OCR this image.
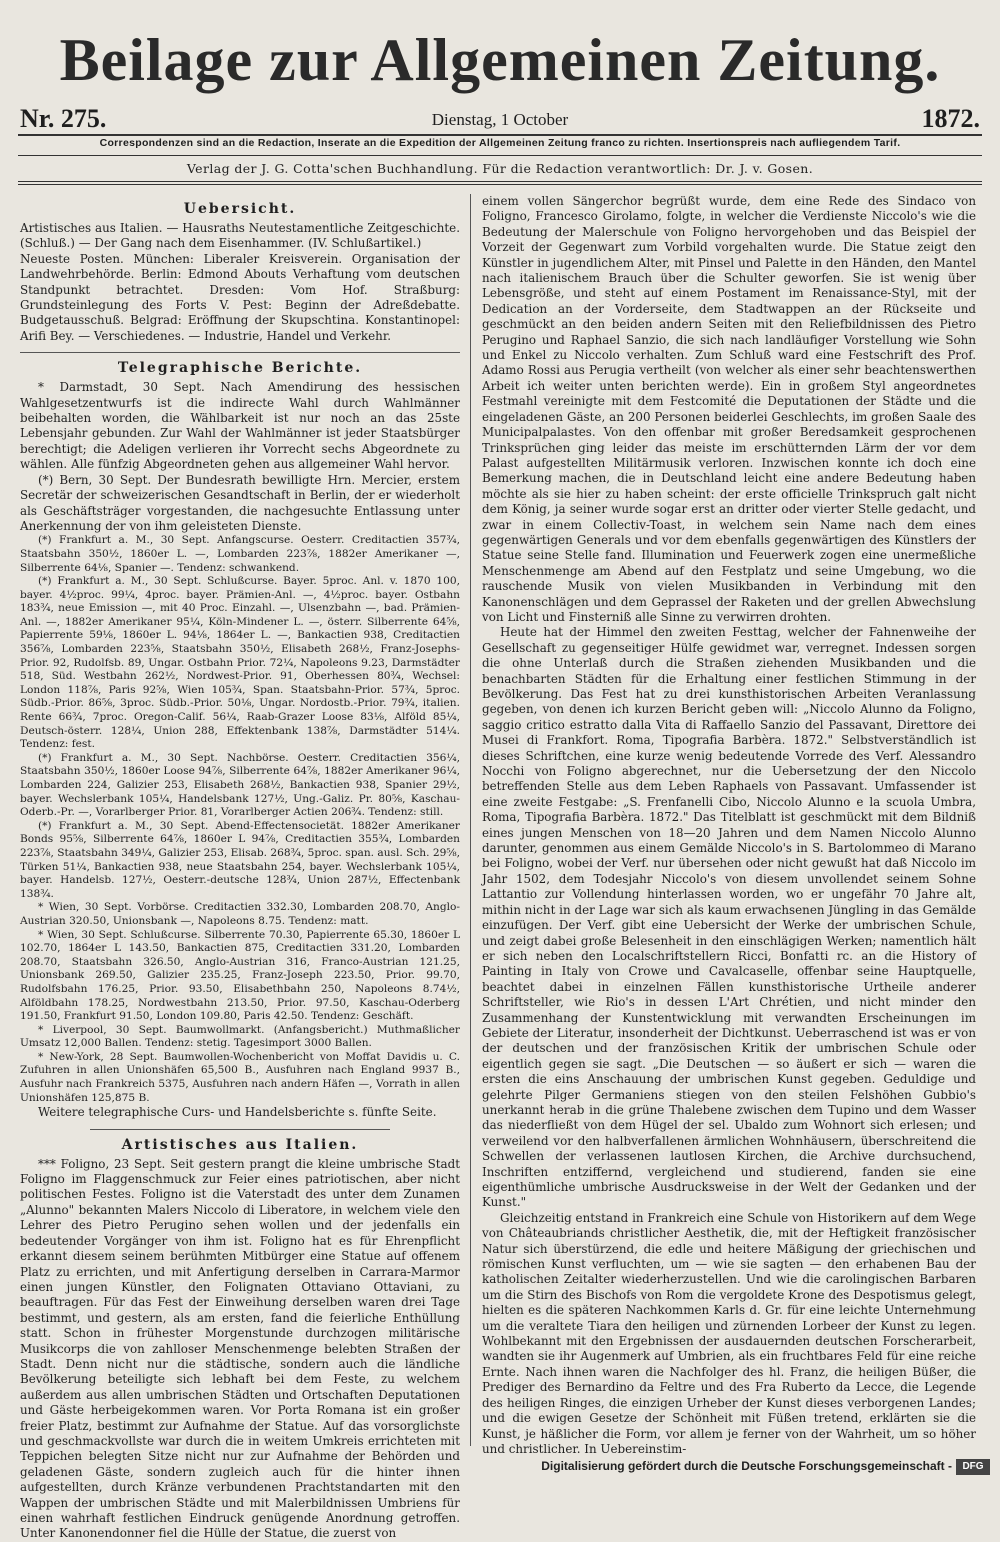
Beilage zur Allgemeinen Zeitung.
Nr. 275.	Dienstag, 1 October	1872.
Correspondenzen sind an die Redaction, Inserate an die Expedition der Allgemeinen Zeitung franco zu richten. Insertionspreis nach aufliegendem Tarif.
Verlag der J. G. Cotta'schen Buchhandlung. Für die Redaction verantwortlich: Dr. J. v. Gosen.
Uebersicht.

Artistisches aus Italien. — Hausraths Neutestamentliche Zeitgeschichte. (Schluß.) — Der Gang nach dem Eisenhammer. (IV. Schlußartikel.)

Neueste Posten. München: Liberaler Kreisverein. Organisation der Landwehrbehörde. Berlin: Edmond Abouts Verhaftung vom deutschen Standpunkt betrachtet. Dresden: Vom Hof. Straßburg: Grundsteinlegung des Forts V. Pest: Beginn der Adreßdebatte. Budgetausschuß. Belgrad: Eröffnung der Skupschtina. Konstantinopel: Arifi Bey. — Verschiedenes. — Industrie, Handel und Verkehr.

Telegraphische Berichte.

* Darmstadt, 30 Sept. Nach Amendirung des hessischen Wahlgesetzentwurfs ist die indirecte Wahl durch Wahlmänner beibehalten worden, die Wählbarkeit ist nur noch an das 25ste Lebensjahr gebunden. Zur Wahl der Wahlmänner ist jeder Staatsbürger berechtigt; die Adeligen verlieren ihr Vorrecht sechs Abgeordnete zu wählen. Alle fünfzig Abgeordneten gehen aus allgemeiner Wahl hervor.

(*) Bern, 30 Sept. Der Bundesrath bewilligte Hrn. Mercier, erstem Secretär der schweizerischen Gesandtschaft in Berlin, der er wiederholt als Geschäftsträger vorgestanden, die nachgesuchte Entlassung unter Anerkennung der von ihm geleisteten Dienste.

(*) Frankfurt a. M., 30 Sept. Anfangscurse. Oesterr. Creditactien 357¾, Staatsbahn 350½, 1860er L. —, Lombarden 223⅞, 1882er Amerikaner —, Silberrente 64⅛, Spanier —. Tendenz: schwankend.

(*) Frankfurt a. M., 30 Sept. Schlußcurse. Bayer. 5proc. Anl. v. 1870 100, bayer. 4½proc. 99¼, 4proc. bayer. Prämien-Anl. —, 4½proc. bayer. Ostbahn 183¾, neue Emission —, mit 40 Proc. Einzahl. —, Ulsenzbahn —, bad. Prämien-Anl. —, 1882er Amerikaner 95¼, Köln-Mindener L. —, österr. Silberrente 64⅝, Papierrente 59⅛, 1860er L. 94⅛, 1864er L. —, Bankactien 938, Creditactien 356⅞, Lombarden 223⅝, Staatsbahn 350½, Elisabeth 268½, Franz-Josephs-Prior. 92, Rudolfsb. 89, Ungar. Ostbahn Prior. 72¼, Napoleons 9.23, Darmstädter 518, Süd. Westbahn 262½, Nordwest-Prior. 91, Oberhessen 80¾, Wechsel: London 118⅞, Paris 92⅝, Wien 105¾, Span. Staatsbahn-Prior. 57¾, 5proc. Südb.-Prior. 86⅝, 3proc. Südb.-Prior. 50⅛, Ungar. Nordostb.-Prior. 79¾, italien. Rente 66¾, 7proc. Oregon-Calif. 56¼, Raab-Grazer Loose 83⅛, Alföld 85¼, Deutsch-österr. 128¼, Union 288, Effektenbank 138⅞, Darmstädter 514¼. Tendenz: fest.

(*) Frankfurt a. M., 30 Sept. Nachbörse. Oesterr. Creditactien 356¼, Staatsbahn 350½, 1860er Loose 94⅞, Silberrente 64⅞, 1882er Amerikaner 96¼, Lombarden 224, Galizier 253, Elisabeth 268½, Bankactien 938, Spanier 29½, bayer. Wechslerbank 105¼, Handelsbank 127½, Ung.-Galiz. Pr. 80⅝, Kaschau-Oderb.-Pr. —, Vorarlberger Prior. 81, Vorarlberger Actien 206¾. Tendenz: still.

(*) Frankfurt a. M., 30 Sept. Abend-Effectensocietät. 1882er Amerikaner Bonds 95⅝, Silberrente 64⅞, 1860er L 94⅞, Creditactien 355¾, Lombarden 223⅞, Staatsbahn 349¼, Galizier 253, Elisab. 268¾, 5proc. span. ausl. Sch. 29⅝, Türken 51¼, Bankactien 938, neue Staatsbahn 254, bayer. Wechslerbank 105¼, bayer. Handelsb. 127½, Oesterr.-deutsche 128¾, Union 287½, Effectenbank 138¾.

* Wien, 30 Sept. Vorbörse. Creditactien 332.30, Lombarden 208.70, Anglo-Austrian 320.50, Unionsbank —, Napoleons 8.75. Tendenz: matt.

* Wien, 30 Sept. Schlußcurse. Silberrente 70.30, Papierrente 65.30, 1860er L 102.70, 1864er L 143.50, Bankactien 875, Creditactien 331.20, Lombarden 208.70, Staatsbahn 326.50, Anglo-Austrian 316, Franco-Austrian 121.25, Unionsbank 269.50, Galizier 235.25, Franz-Joseph 223.50, Prior. 99.70, Rudolfsbahn 176.25, Prior. 93.50, Elisabethbahn 250, Napoleons 8.74½, Alföldbahn 178.25, Nordwestbahn 213.50, Prior. 97.50, Kaschau-Oderberg 191.50, Frankfurt 91.50, London 109.80, Paris 42.50. Tendenz: Geschäft.

* Liverpool, 30 Sept. Baumwollmarkt. (Anfangsbericht.) Muthmaßlicher Umsatz 12,000 Ballen. Tendenz: stetig. Tagesimport 3000 Ballen.

* New-York, 28 Sept. Baumwollen-Wochenbericht von Moffat Davidis u. C. Zufuhren in allen Unionshäfen 65,500 B., Ausfuhren nach England 9937 B., Ausfuhr nach Frankreich 5375, Ausfuhren nach andern Häfen —, Vorrath in allen Unionshäfen 125,875 B.

Weitere telegraphische Curs- und Handelsberichte s. fünfte Seite.

Artistisches aus Italien.

*** Foligno, 23 Sept. Seit gestern prangt die kleine umbrische Stadt Foligno im Flaggenschmuck zur Feier eines patriotischen, aber nicht politischen Festes. Foligno ist die Vaterstadt des unter dem Zunamen „Alunno" bekannten Malers Niccolo di Liberatore, in welchem viele den Lehrer des Pietro Perugino sehen wollen und der jedenfalls ein bedeutender Vorgänger von ihm ist. Foligno hat es für Ehrenpflicht erkannt diesem seinem berühmten Mitbürger eine Statue auf offenem Platz zu errichten, und mit Anfertigung derselben in Carrara-Marmor einen jungen Künstler, den Folignaten Ottaviano Ottaviani, zu beauftragen. Für das Fest der Einweihung derselben waren drei Tage bestimmt, und gestern, als am ersten, fand die feierliche Enthüllung statt. Schon in frühester Morgenstunde durchzogen militärische Musikcorps die von zahlloser Menschenmenge belebten Straßen der Stadt. Denn nicht nur die städtische, sondern auch die ländliche Bevölkerung beteiligte sich lebhaft bei dem Feste, zu welchem außerdem aus allen umbrischen Städten und Ortschaften Deputationen und Gäste herbeigekommen waren. Vor Porta Romana ist ein großer freier Platz, bestimmt zur Aufnahme der Statue. Auf das vorsorglichste und geschmackvollste war durch die in weitem Umkreis errichteten mit Teppichen belegten Sitze nicht nur zur Aufnahme der Behörden und geladenen Gäste, sondern zugleich auch für die hinter ihnen aufgestellten, durch Kränze verbundenen Prachtstandarten mit den Wappen der umbrischen Städte und mit Malerbildnissen Umbriens für einen wahrhaft festlichen Eindruck genügende Anordnung getroffen. Unter Kanonendonner fiel die Hülle der Statue, die zuerst von

einem vollen Sängerchor begrüßt wurde, dem eine Rede des Sindaco von Foligno, Francesco Girolamo, folgte, in welcher die Verdienste Niccolo's wie die Bedeutung der Malerschule von Foligno hervorgehoben und das Beispiel der Vorzeit der Gegenwart zum Vorbild vorgehalten wurde. Die Statue zeigt den Künstler in jugendlichem Alter, mit Pinsel und Palette in den Händen, den Mantel nach italienischem Brauch über die Schulter geworfen. Sie ist wenig über Lebensgröße, und steht auf einem Postament im Renaissance-Styl, mit der Dedication an der Vorderseite, dem Stadtwappen an der Rückseite und geschmückt an den beiden andern Seiten mit den Reliefbildnissen des Pietro Perugino und Raphael Sanzio, die sich nach landläufiger Vorstellung wie Sohn und Enkel zu Niccolo verhalten. Zum Schluß ward eine Festschrift des Prof. Adamo Rossi aus Perugia vertheilt (von welcher als einer sehr beachtenswerthen Arbeit ich weiter unten berichten werde). Ein in großem Styl angeordnetes Festmahl vereinigte mit dem Festcomité die Deputationen der Städte und die eingeladenen Gäste, an 200 Personen beiderlei Geschlechts, im großen Saale des Municipalpalastes. Von den offenbar mit großer Beredsamkeit gesprochenen Trinksprüchen ging leider das meiste im erschütternden Lärm der vor dem Palast aufgestellten Militärmusik verloren. Inzwischen konnte ich doch eine Bemerkung machen, die in Deutschland leicht eine andere Bedeutung haben möchte als sie hier zu haben scheint: der erste officielle Trinkspruch galt nicht dem König, ja seiner wurde sogar erst an dritter oder vierter Stelle gedacht, und zwar in einem Collectiv-Toast, in welchem sein Name nach dem eines gegenwärtigen Generals und vor dem ebenfalls gegenwärtigen des Künstlers der Statue seine Stelle fand. Illumination und Feuerwerk zogen eine unermeßliche Menschenmenge am Abend auf den Festplatz und seine Umgebung, wo die rauschende Musik von vielen Musikbanden in Verbindung mit den Kanonenschlägen und dem Geprassel der Raketen und der grellen Abwechslung von Licht und Finsterniß alle Sinne zu verwirren drohten.

Heute hat der Himmel den zweiten Festtag, welcher der Fahnenweihe der Gesellschaft zu gegenseitiger Hülfe gewidmet war, verregnet. Indessen sorgen die ohne Unterlaß durch die Straßen ziehenden Musikbanden und die benachbarten Städten für die Erhaltung einer festlichen Stimmung in der Bevölkerung. Das Fest hat zu drei kunsthistorischen Arbeiten Veranlassung gegeben, von denen ich kurzen Bericht geben will: „Niccolo Alunno da Foligno, saggio critico estratto dalla Vita di Raffaello Sanzio del Passavant, Direttore dei Musei di Frankfort. Roma, Tipografia Barbèra. 1872." Selbstverständlich ist dieses Schriftchen, eine kurze wenig bedeutende Vorrede des Verf. Alessandro Nocchi von Foligno abgerechnet, nur die Uebersetzung der den Niccolo betreffenden Stelle aus dem Leben Raphaels von Passavant. Umfassender ist eine zweite Festgabe: „S. Frenfanelli Cibo, Niccolo Alunno e la scuola Umbra, Roma, Tipografia Barbèra. 1872." Das Titelblatt ist geschmückt mit dem Bildniß eines jungen Menschen von 18—20 Jahren und dem Namen Niccolo Alunno darunter, genommen aus einem Gemälde Niccolo's in S. Bartolommeo di Marano bei Foligno, wobei der Verf. nur übersehen oder nicht gewußt hat daß Niccolo im Jahr 1502, dem Todesjahr Niccolo's von diesem unvollendet seinem Sohne Lattantio zur Vollendung hinterlassen worden, wo er ungefähr 70 Jahre alt, mithin nicht in der Lage war sich als kaum erwachsenen Jüngling in das Gemälde einzufügen. Der Verf. gibt eine Uebersicht der Werke der umbrischen Schule, und zeigt dabei große Belesenheit in den einschlägigen Werken; namentlich hält er sich neben den Localschriftstellern Ricci, Bonfatti rc. an die History of Painting in Italy von Crowe und Cavalcaselle, offenbar seine Hauptquelle, beachtet dabei in einzelnen Fällen kunsthistorische Urtheile anderer Schriftsteller, wie Rio's in dessen L'Art Chrétien, und nicht minder den Zusammenhang der Kunstentwicklung mit verwandten Erscheinungen im Gebiete der Literatur, insonderheit der Dichtkunst. Ueberraschend ist was er von der deutschen und der französischen Kritik der umbrischen Schule oder eigentlich gegen sie sagt. „Die Deutschen — so äußert er sich — waren die ersten die eins Anschauung der umbrischen Kunst gegeben. Geduldige und gelehrte Pilger Germaniens stiegen von den steilen Felshöhen Gubbio's unerkannt herab in die grüne Thalebene zwischen dem Tupino und dem Wasser das niederfließt von dem Hügel der sel. Ubaldo zum Wohnort sich erlesen; und verweilend vor den halbverfallenen ärmlichen Wohnhäusern, überschreitend die Schwellen der verlassenen lautlosen Kirchen, die Archive durchsuchend, Inschriften entziffernd, vergleichend und studierend, fanden sie eine eigenthümliche umbrische Ausdrucksweise in der Welt der Gedanken und der Kunst."

Gleichzeitig entstand in Frankreich eine Schule von Historikern auf dem Wege von Châteaubriands christlicher Aesthetik, die, mit der Heftigkeit französischer Natur sich überstürzend, die edle und heitere Mäßigung der griechischen und römischen Kunst verfluchten, um — wie sie sagten — den erhabenen Bau der katholischen Zeitalter wiederherzustellen. Und wie die carolingischen Barbaren um die Stirn des Bischofs von Rom die vergoldete Krone des Despotismus gelegt, hielten es die späteren Nachkommen Karls d. Gr. für eine leichte Unternehmung um die veraltete Tiara den heiligen und zürnenden Lorbeer der Kunst zu legen. Wohlbekannt mit den Ergebnissen der ausdauernden deutschen Forscherarbeit, wandten sie ihr Augenmerk auf Umbrien, als ein fruchtbares Feld für eine reiche Ernte. Nach ihnen waren die Nachfolger des hl. Franz, die heiligen Büßer, die Prediger des Bernardino da Feltre und des Fra Ruberto da Lecce, die Legende des heiligen Ringes, die einzigen Urheber der Kunst dieses verborgenen Landes; und die ewigen Gesetze der Schönheit mit Füßen tretend, erklärten sie die Kunst, je häßlicher die Form, vor allem je ferner von der Wahrheit, um so höher und christlicher. In Uebereinstim-

Digitalisierung gefördert durch die Deutsche Forschungsgemeinschaft -	DFG
